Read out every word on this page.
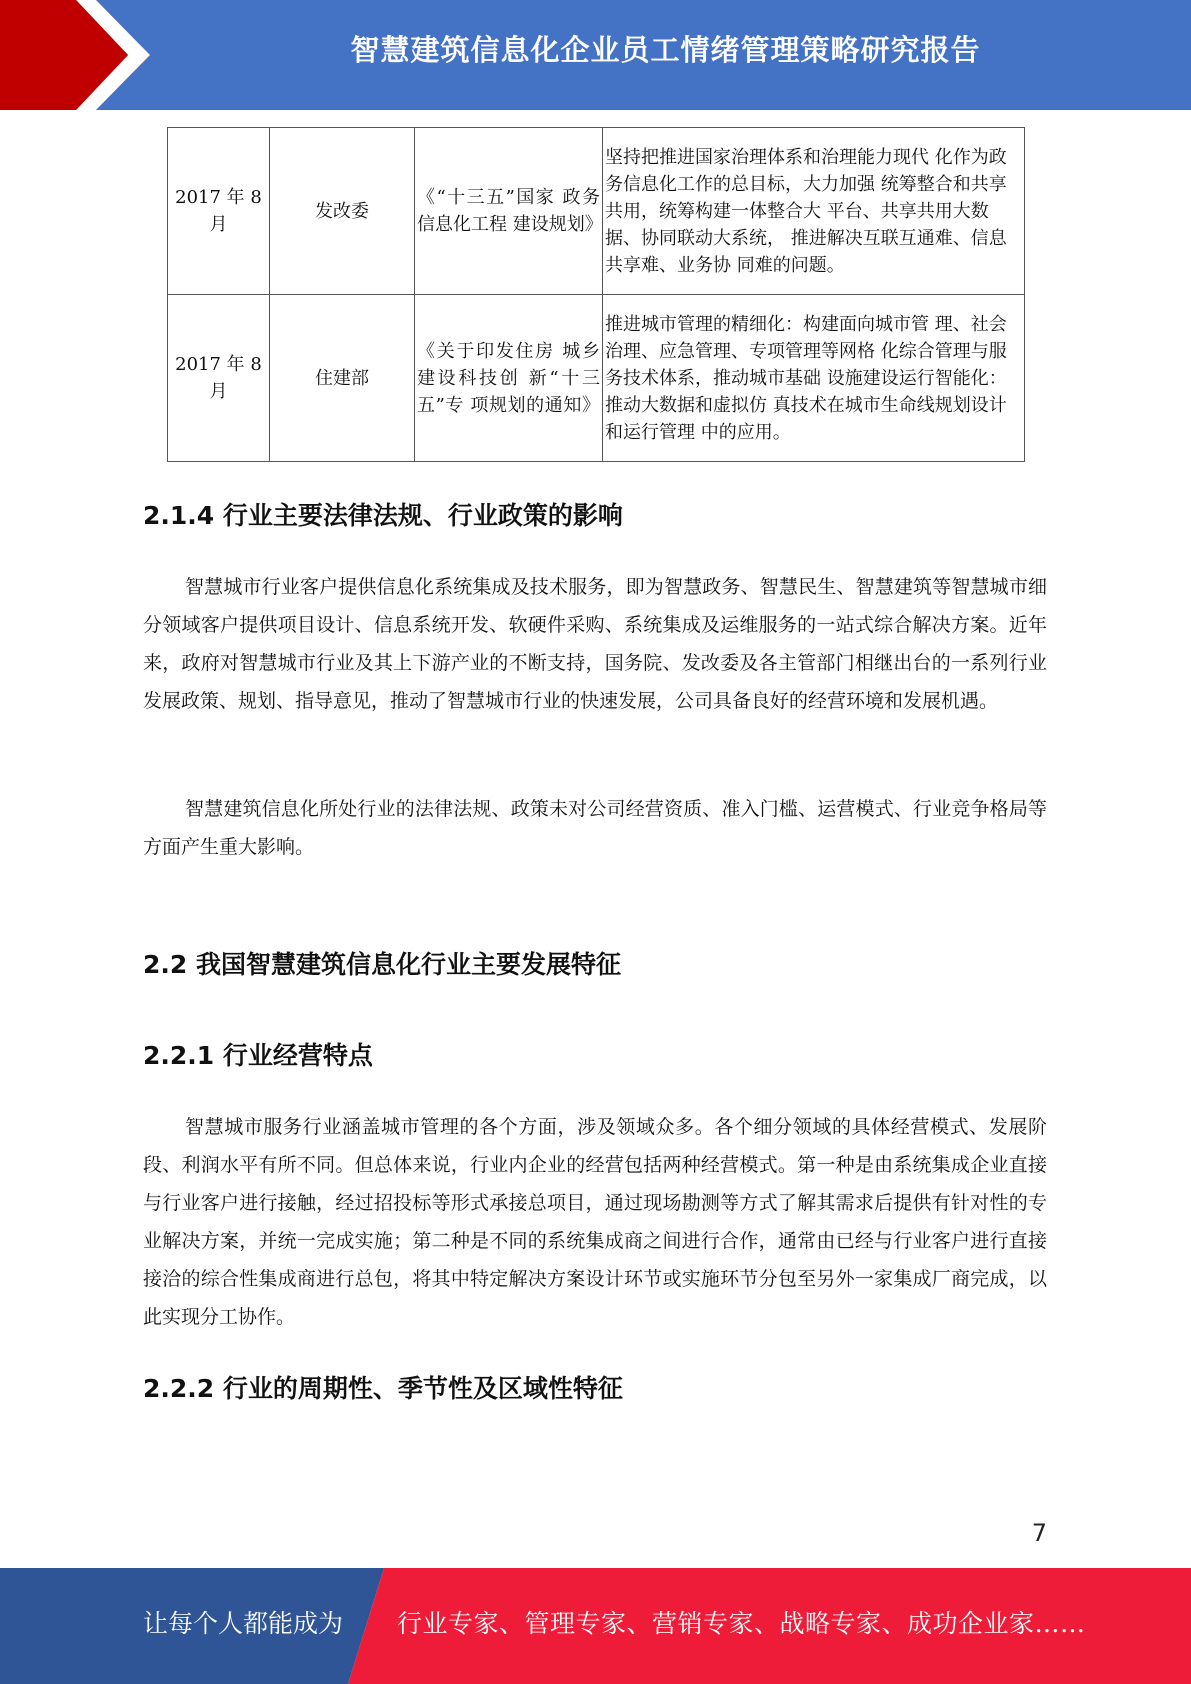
智慧建筑信息化企业员工情绪管理策略研究报告
2017 年 8月	发改委	《“十三五”国家 政务信息化工程 建设规划》	坚持把推进国家治理体系和治理能力现代 化作为政务信息化工作的总目标，大力加强 统筹整合和共享共用，统筹构建一体整合大 平台、共享共用大数据、协同联动大系统， 推进解决互联互通难、信息共享难、业务协 同难的问题。
2017 年 8月	住建部	《关于印发住房 城乡建设科技创 新“十三五”专 项规划的通知》	推进城市管理的精细化：构建面向城市管 理、社会治理、应急管理、专项管理等网格 化综合管理与服务技术体系，推动城市基础 设施建设运行智能化：推动大数据和虚拟仿 真技术在城市生命线规划设计和运行管理 中的应用。
2.1.4 行业主要法律法规、行业政策的影响

智慧城市行业客户提供信息化系统集成及技术服务，即为智慧政务、智慧民生、智慧建筑等智慧城市细分领域客户提供项目设计、信息系统开发、软硬件采购、系统集成及运维服务的一站式综合解决方案。近年来，政府对智慧城市行业及其上下游产业的不断支持，国务院、发改委及各主管部门相继出台的一系列行业发展政策、规划、指导意见，推动了智慧城市行业的快速发展，公司具备良好的经营环境和发展机遇。

智慧建筑信息化所处行业的法律法规、政策未对公司经营资质、准入门槛、运营模式、行业竞争格局等方面产生重大影响。

2.2 我国智慧建筑信息化行业主要发展特征
2.2.1 行业经营特点

智慧城市服务行业涵盖城市管理的各个方面，涉及领域众多。各个细分领域的具体经营模式、发展阶段、利润水平有所不同。但总体来说，行业内企业的经营包括两种经营模式。第一种是由系统集成企业直接与行业客户进行接触，经过招投标等形式承接总项目，通过现场勘测等方式了解其需求后提供有针对性的专业解决方案，并统一完成实施；第二种是不同的系统集成商之间进行合作，通常由已经与行业客户进行直接接洽的综合性集成商进行总包，将其中特定解决方案设计环节或实施环节分包至另外一家集成厂商完成，以此实现分工协作。

2.2.2 行业的周期性、季节性及区域性特征
7
让每个人都能成为 行业专家、管理专家、营销专家、战略专家、成功企业家……
